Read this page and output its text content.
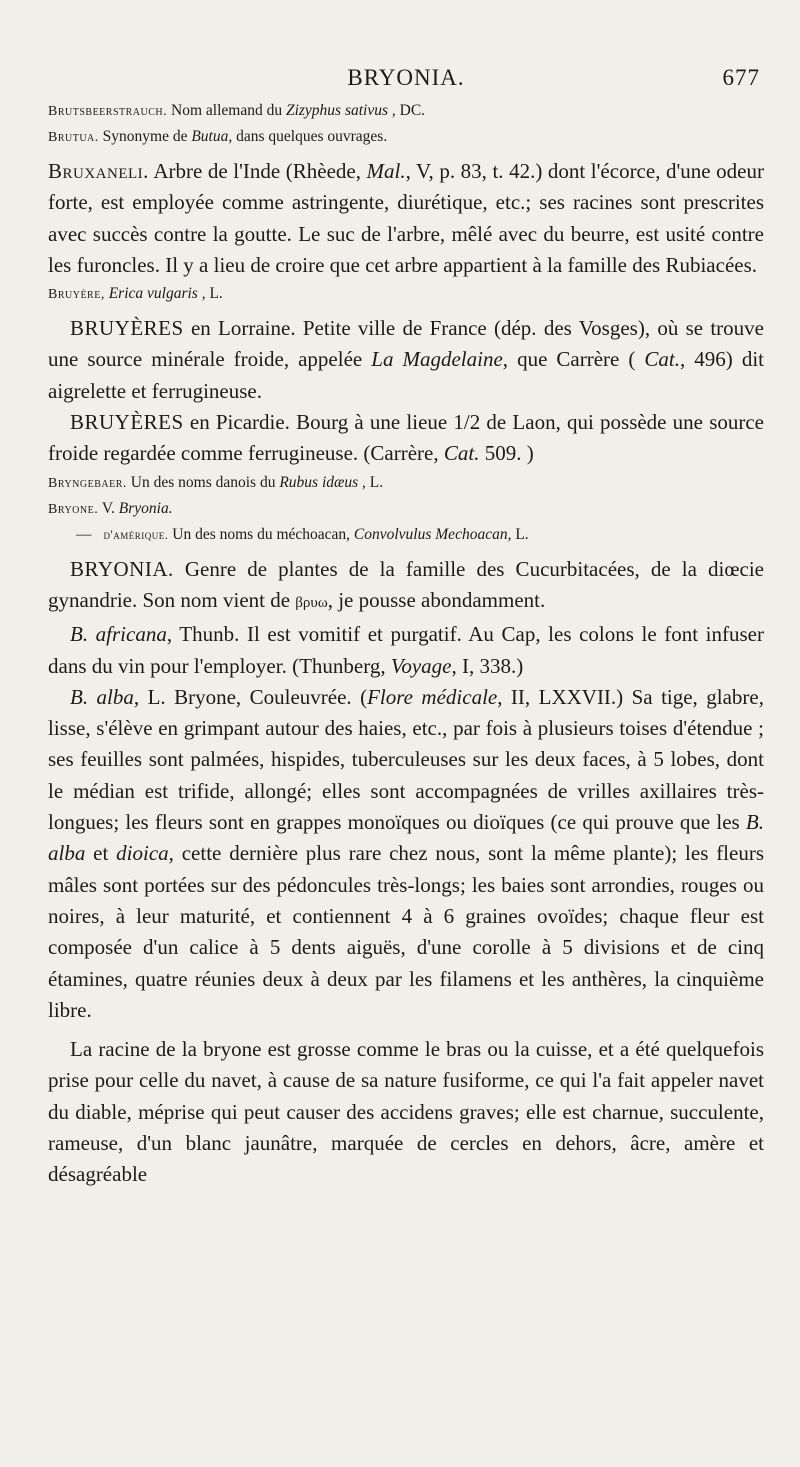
BRYONIA.	677

Brutsbeerstrauch. Nom allemand du Zizyphus sativus , DC.

Brutua. Synonyme de Butua, dans quelques ouvrages.

Bruxaneli. Arbre de l'Inde (Rhèede, Mal., V, p. 83, t. 42.) dont l'écorce, d'une odeur forte, est employée comme astringente, diurétique, etc.; ses racines sont prescrites avec succès contre la goutte. Le suc de l'arbre, mêlé avec du beurre, est usité contre les furoncles. Il y a lieu de croire que cet arbre appartient à la famille des Rubiacées.

Bruyère, Erica vulgaris , L.

BRUYÈRES en Lorraine. Petite ville de France (dép. des Vosges), où se trouve une source minérale froide, appelée La Magdelaine, que Carrère ( Cat., 496) dit aigrelette et ferrugineuse.

BRUYÈRES en Picardie. Bourg à une lieue 1/2 de Laon, qui possède une source froide regardée comme ferrugineuse. (Carrère, Cat. 509. )

Bryngebaer. Un des noms danois du Rubus idæus , L.

Bryone. V. Bryonia.

— d'amérique. Un des noms du méchoacan, Convolvulus Mechoacan, L.

BRYONIA. Genre de plantes de la famille des Cucurbitacées, de la diœcie gynandrie. Son nom vient de βρυω, je pousse abondamment.

B. africana, Thunb. Il est vomitif et purgatif. Au Cap, les colons le font infuser dans du vin pour l'employer. (Thunberg, Voyage, I, 338.)

B. alba, L. Bryone, Couleuvrée. (Flore médicale, II, LXXVII.) Sa tige, glabre, lisse, s'élève en grimpant autour des haies, etc., par fois à plusieurs toises d'étendue ; ses feuilles sont palmées, hispides, tuberculeuses sur les deux faces, à 5 lobes, dont le médian est trifide, allongé; elles sont accompagnées de vrilles axillaires très-longues; les fleurs sont en grappes monoïques ou dioïques (ce qui prouve que les B. alba et dioica, cette dernière plus rare chez nous, sont la même plante); les fleurs mâles sont portées sur des pédoncules très-longs; les baies sont arrondies, rouges ou noires, à leur maturité, et contiennent 4 à 6 graines ovoïdes; chaque fleur est composée d'un calice à 5 dents aiguës, d'une corolle à 5 divisions et de cinq étamines, quatre réunies deux à deux par les filamens et les anthères, la cinquième libre.

La racine de la bryone est grosse comme le bras ou la cuisse, et a été quelquefois prise pour celle du navet, à cause de sa nature fusiforme, ce qui l'a fait appeler navet du diable, méprise qui peut causer des accidens graves; elle est charnue, succulente, rameuse, d'un blanc jaunâtre, marquée de cercles en dehors, âcre, amère et désagréable
